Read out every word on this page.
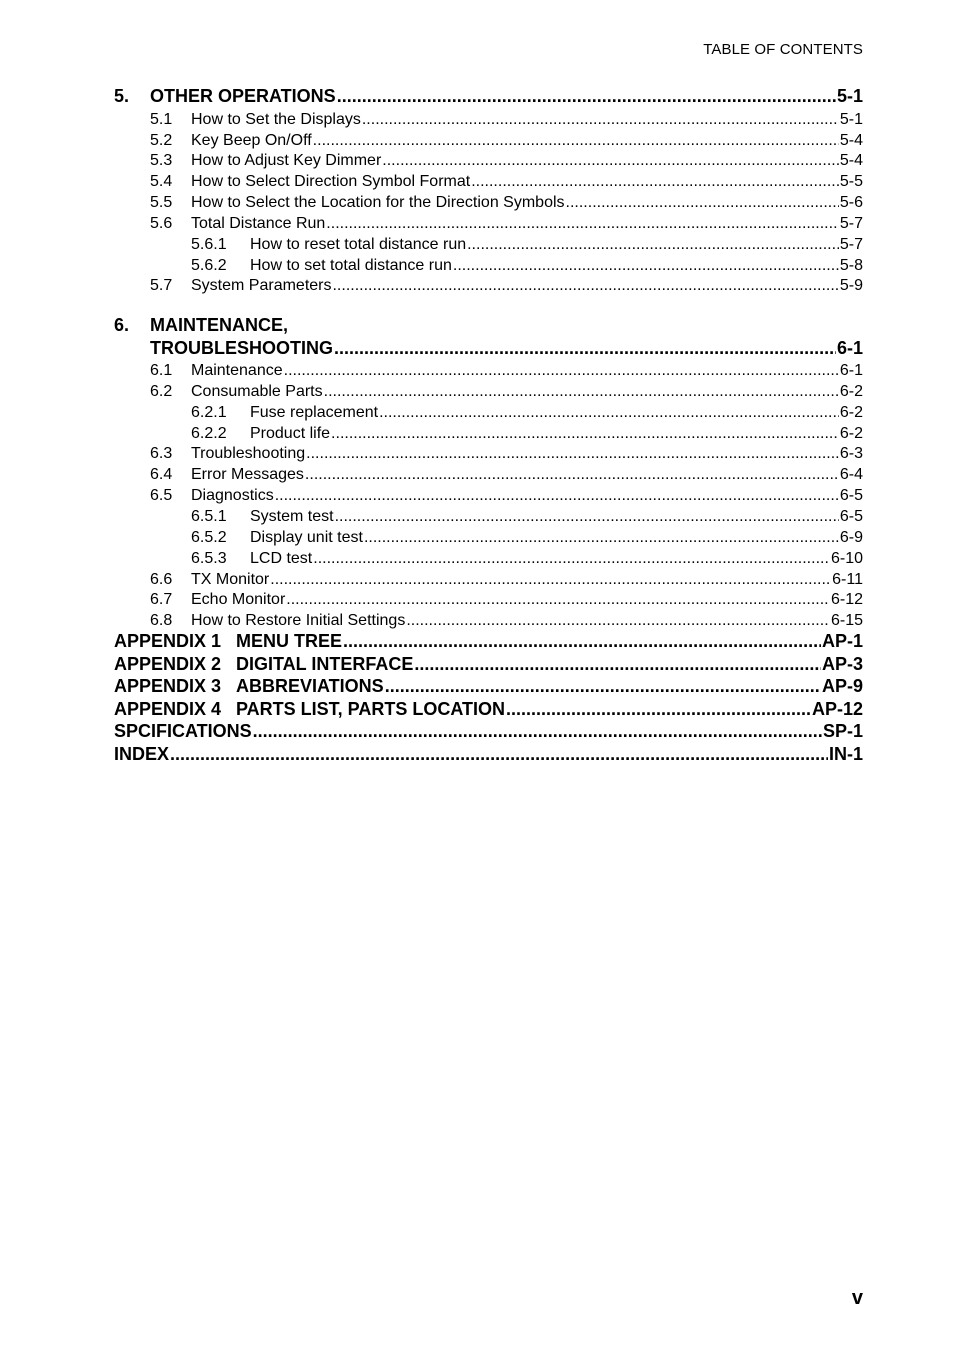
TABLE OF CONTENTS
5.	OTHER OPERATIONS .....	5-1
5.1	How to Set the Displays .....	5-1
5.2	Key Beep On/Off .....	5-4
5.3	How to Adjust Key Dimmer .....	5-4
5.4	How to Select Direction Symbol Format .....	5-5
5.5	How to Select the Location for the Direction Symbols .....	5-6
5.6	Total Distance Run .....	5-7
5.6.1	How to reset total distance run .....	5-7
5.6.2	How to set total distance run .....	5-8
5.7	System Parameters .....	5-9
6. MAINTENANCE,
TROUBLESHOOTING .....	6-1
6.1	Maintenance .....	6-1
6.2	Consumable Parts .....	6-2
6.2.1	Fuse replacement .....	6-2
6.2.2	Product life .....	6-2
6.3	Troubleshooting .....	6-3
6.4	Error Messages .....	6-4
6.5	Diagnostics .....	6-5
6.5.1	System test .....	6-5
6.5.2	Display unit test .....	6-9
6.5.3	LCD test .....	6-10
6.6	TX Monitor .....	6-11
6.7	Echo Monitor .....	6-12
6.8	How to Restore Initial Settings .....	6-15
APPENDIX 1 MENU TREE .....	AP-1
APPENDIX 2 DIGITAL INTERFACE .....	AP-3
APPENDIX 3 ABBREVIATIONS .....	AP-9
APPENDIX 4 PARTS LIST, PARTS LOCATION .....	AP-12
SPCIFICATIONS .....	SP-1
INDEX .....	IN-1
v
